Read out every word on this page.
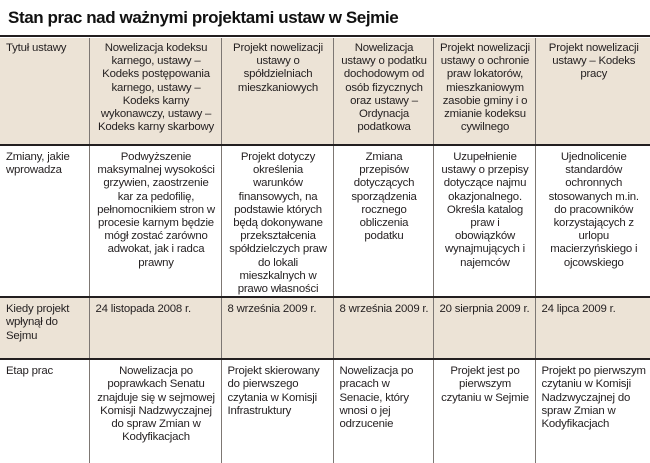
Stan prac nad ważnymi projektami ustaw w Sejmie
Tytuł ustawy	Nowelizacja kodeksu karnego, ustawy – Kodeks postępowania karnego, ustawy – Kodeks karny wykonawczy, ustawy – Kodeks karny skarbowy	Projekt nowelizacji ustawy o spółdzielniach mieszkaniowych	Nowelizacja ustawy o podatku dochodowym od osób fizycznych oraz ustawy – Ordynacja podatkowa	Projekt nowelizacji ustawy o ochronie praw lokatorów, mieszkaniowym zasobie gminy i o zmianie kodeksu cywilnego	Projekt nowelizacji ustawy – Kodeks pracy
Zmiany, jakie wprowadza	Podwyższenie maksymalnej wysokości grzywien, zaostrzenie kar za pedofilię, pełnomocnikiem stron w procesie karnym będzie mógł zostać zarówno adwokat, jak i radca prawny	Projekt dotyczy określenia warunków finansowych, na podstawie których będą dokonywane przekształcenia spółdzielczych praw do lokali mieszkalnych w prawo własności	Zmiana przepisów dotyczących sporządzenia rocznego obliczenia podatku	Uzupełnienie ustawy o przepisy dotyczące najmu okazjonalnego. Określa katalog praw i obowiązków wynajmujących i najemców	Ujednolicenie standardów ochronnych stosowanych m.in. do pracowników korzystających z urlopu macierzyńskiego i ojcowskiego
Kiedy projekt wpłynął do Sejmu	24 listopada 2008 r.	8 września 2009 r.	8 września 2009 r.	20 sierpnia 2009 r.	24 lipca 2009 r.
Etap prac	Nowelizacja po poprawkach Senatu znajduje się w sejmowej Komisji Nadzwyczajnej do spraw Zmian w Kodyfikacjach	Projekt skierowany do pierwszego czytania w Komisji Infrastruktury	Nowelizacja po pracach w Senacie, który wnosi o jej odrzucenie	Projekt jest po pierwszym czytaniu w Sejmie	Projekt po pierwszym czytaniu w Komisji Nadzwyczajnej do spraw Zmian w Kodyfikacjach
